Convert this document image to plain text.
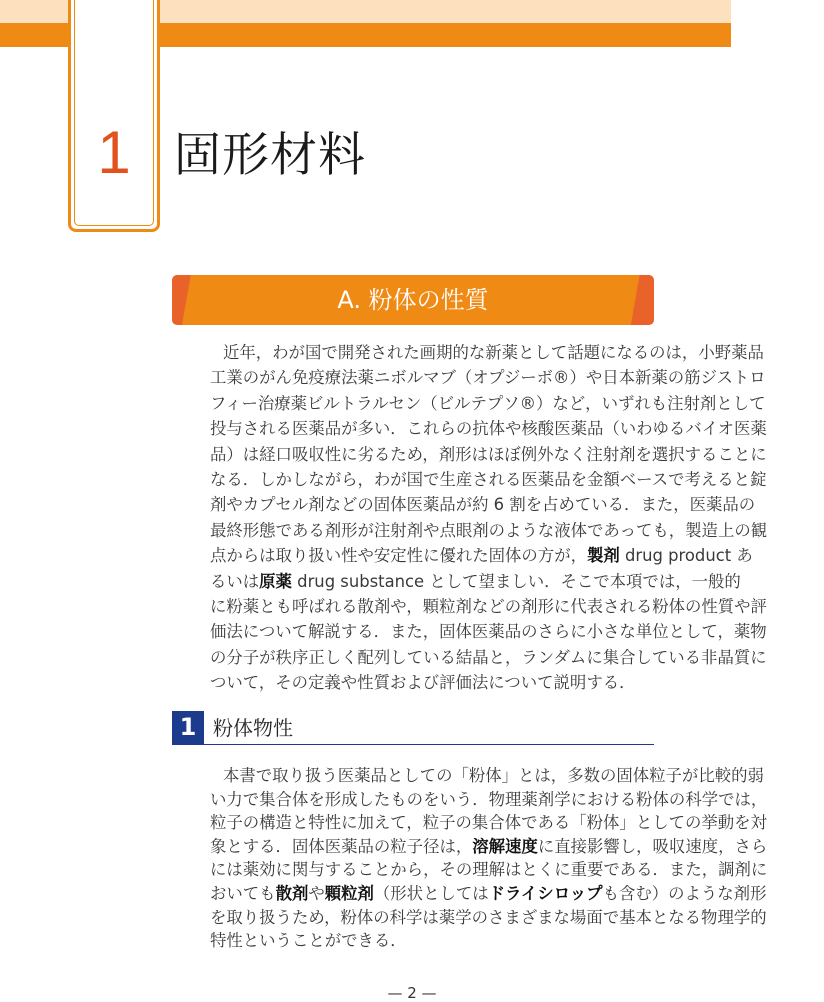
1 固形材料
A. 粉体の性質
近年，わが国で開発された画期的な新薬として話題になるのは，小野薬品
工業のがん免疫療法薬ニボルマブ（オプジーボ®）や日本新薬の筋ジストロ
フィー治療薬ビルトラルセン（ビルテプソ®）など，いずれも注射剤として
投与される医薬品が多い．これらの抗体や核酸医薬品（いわゆるバイオ医薬
品）は経口吸収性に劣るため，剤形はほぼ例外なく注射剤を選択することに
なる．しかしながら，わが国で生産される医薬品を金額ベースで考えると錠
剤やカプセル剤などの固体医薬品が約 6 割を占めている．また，医薬品の
最終形態である剤形が注射剤や点眼剤のような液体であっても，製造上の観
点からは取り扱い性や安定性に優れた固体の方が，製剤 drug product あ
るいは原薬 drug substance として望ましい．そこで本項では，一般的
に粉薬とも呼ばれる散剤や，顆粒剤などの剤形に代表される粉体の性質や評
価法について解説する．また，固体医薬品のさらに小さな単位として，薬物
の分子が秩序正しく配列している結晶と，ランダムに集合している非晶質に
ついて，その定義や性質および評価法について説明する．
1 粉体物性
本書で取り扱う医薬品としての「粉体」とは，多数の固体粒子が比較的弱
い力で集合体を形成したものをいう．物理薬剤学における粉体の科学では，
粒子の構造と特性に加えて，粒子の集合体である「粉体」としての挙動を対
象とする．固体医薬品の粒子径は，溶解速度に直接影響し，吸収速度，さら
には薬効に関与することから，その理解はとくに重要である．また，調剤に
おいても散剤や顆粒剤（形状としてはドライシロップも含む）のような剤形
を取り扱うため，粉体の科学は薬学のさまざまな場面で基本となる物理学的
特性ということができる．
— 2 —
